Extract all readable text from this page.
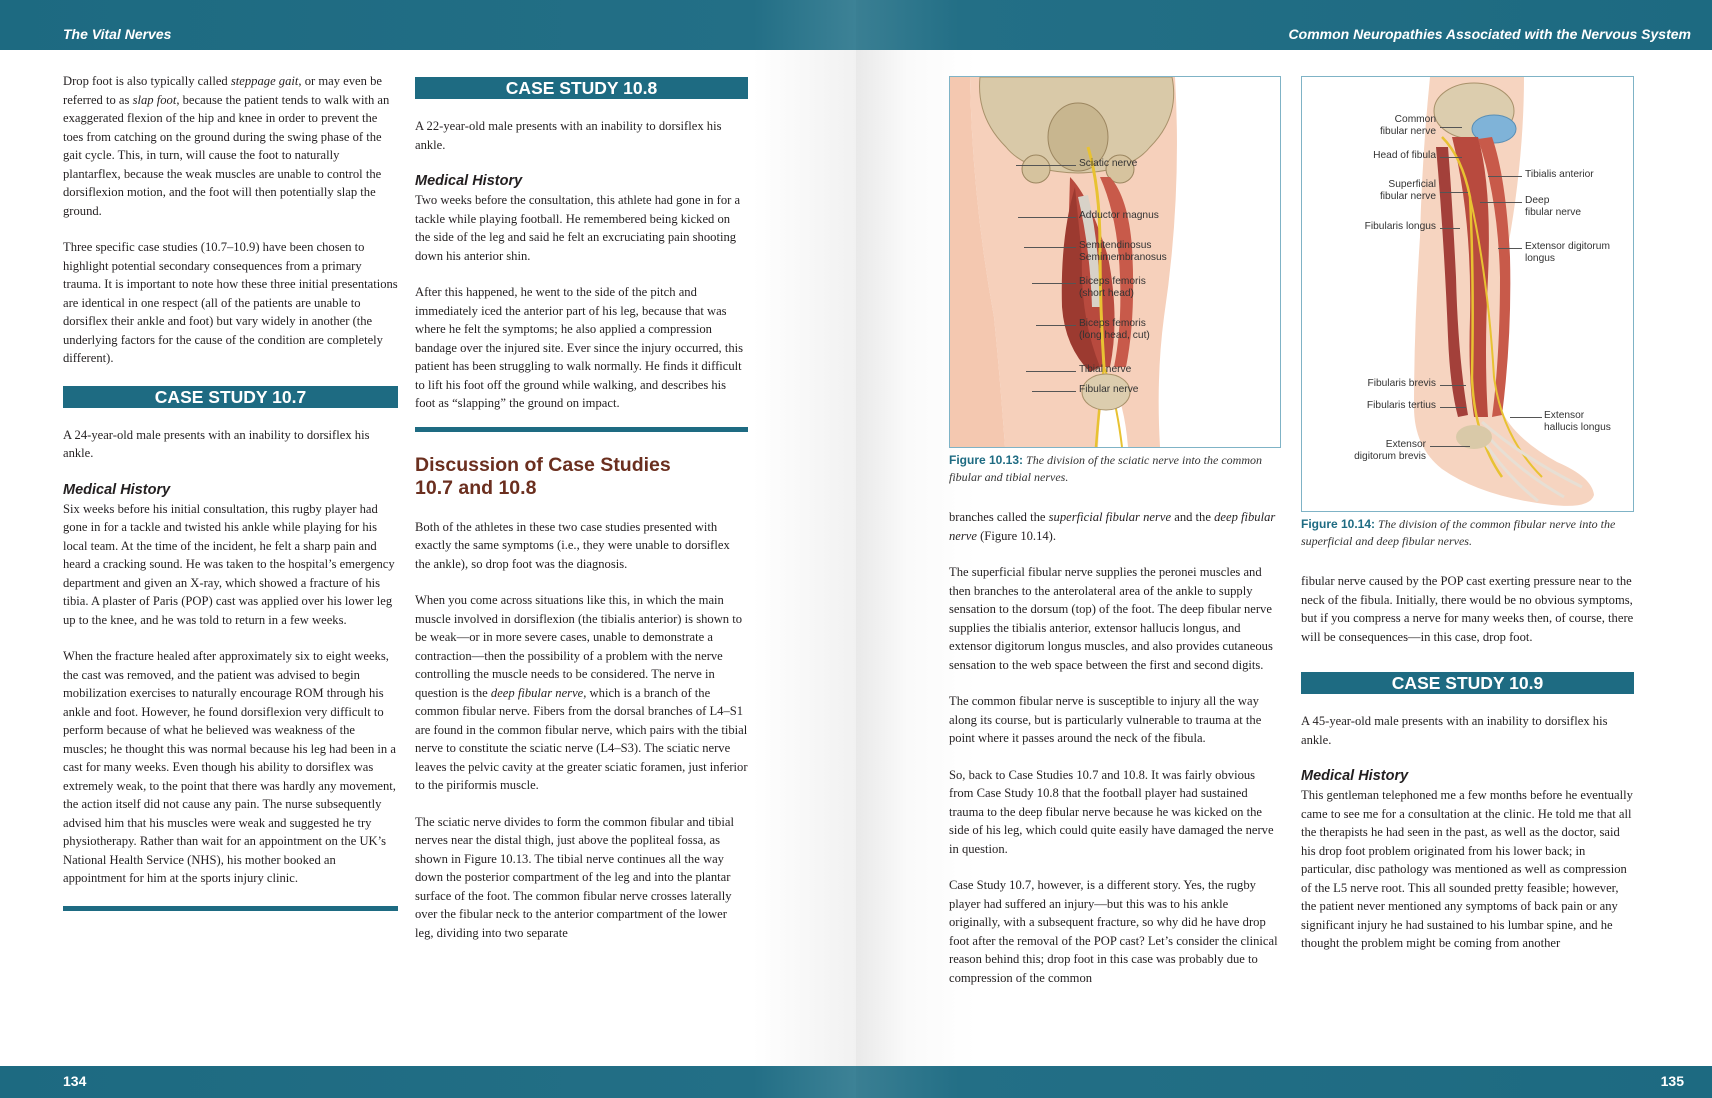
The Vital Nerves

Drop foot is also typically called steppage gait, or may even be referred to as slap foot, because the patient tends to walk with an exaggerated flexion of the hip and knee in order to prevent the toes from catching on the ground during the swing phase of the gait cycle. This, in turn, will cause the foot to naturally plantarflex, because the weak muscles are unable to control the dorsiflexion motion, and the foot will then potentially slap the ground.

Three specific case studies (10.7–10.9) have been chosen to highlight potential secondary consequences from a primary trauma. It is important to note how these three initial presentations are identical in one respect (all of the patients are unable to dorsiflex their ankle and foot) but vary widely in another (the underlying factors for the cause of the condition are completely different).

CASE STUDY 10.7

A 24-year-old male presents with an inability to dorsiflex his ankle.

Medical History

Six weeks before his initial consultation, this rugby player had gone in for a tackle and twisted his ankle while playing for his local team. At the time of the incident, he felt a sharp pain and heard a cracking sound. He was taken to the hospital’s emergency department and given an X-ray, which showed a fracture of his tibia. A plaster of Paris (POP) cast was applied over his lower leg up to the knee, and he was told to return in a few weeks.

When the fracture healed after approximately six to eight weeks, the cast was removed, and the patient was advised to begin mobilization exercises to naturally encourage ROM through his ankle and foot. However, he found dorsiflexion very difficult to perform because of what he believed was weakness of the muscles; he thought this was normal because his leg had been in a cast for many weeks. Even though his ability to dorsiflex was extremely weak, to the point that there was hardly any movement, the action itself did not cause any pain. The nurse subsequently advised him that his muscles were weak and suggested he try physiotherapy. Rather than wait for an appointment on the UK’s National Health Service (NHS), his mother booked an appointment for him at the sports injury clinic.

CASE STUDY 10.8

A 22-year-old male presents with an inability to dorsiflex his ankle.

Medical History

Two weeks before the consultation, this athlete had gone in for a tackle while playing football. He remembered being kicked on the side of the leg and said he felt an excruciating pain shooting down his anterior shin.

After this happened, he went to the side of the pitch and immediately iced the anterior part of his leg, because that was where he felt the symptoms; he also applied a compression bandage over the injured site. Ever since the injury occurred, this patient has been struggling to walk normally. He finds it difficult to lift his foot off the ground while walking, and describes his foot as “slapping” the ground on impact.

Discussion of Case Studies 10.7 and 10.8

Both of the athletes in these two case studies presented with exactly the same symptoms (i.e., they were unable to dorsiflex the ankle), so drop foot was the diagnosis.

When you come across situations like this, in which the main muscle involved in dorsiflexion (the tibialis anterior) is shown to be weak—or in more severe cases, unable to demonstrate a contraction—then the possibility of a problem with the nerve controlling the muscle needs to be considered. The nerve in question is the deep fibular nerve, which is a branch of the common fibular nerve. Fibers from the dorsal branches of L4–S1 are found in the common fibular nerve, which pairs with the tibial nerve to constitute the sciatic nerve (L4–S3). The sciatic nerve leaves the pelvic cavity at the greater sciatic foramen, just inferior to the piriformis muscle.

The sciatic nerve divides to form the common fibular and tibial nerves near the distal thigh, just above the popliteal fossa, as shown in Figure 10.13. The tibial nerve continues all the way down the posterior compartment of the leg and into the plantar surface of the foot. The common fibular nerve crosses laterally over the fibular neck to the anterior compartment of the lower leg, dividing into two separate

134
Common Neuropathies Associated with the Nervous System
Sciatic nerve
Adductor magnus
Semitendinosus
Semimembranosus
Biceps femoris
(short head)
Biceps femoris
(long head, cut)
Tibial nerve
Fibular nerve
Figure 10.13: The division of the sciatic nerve into the common fibular and tibial nerves.
Common
fibular nerve
Head of fibula
Superficial
fibular nerve
Fibularis longus
Tibialis anterior
Deep
fibular nerve
Extensor digitorum
longus
Fibularis brevis
Fibularis tertius
Extensor
hallucis longus
Extensor
digitorum brevis
Figure 10.14: The division of the common fibular nerve into the superficial and deep fibular nerves.

branches called the superficial fibular nerve and the deep fibular nerve (Figure 10.14).

The superficial fibular nerve supplies the peronei muscles and then branches to the anterolateral area of the ankle to supply sensation to the dorsum (top) of the foot. The deep fibular nerve supplies the tibialis anterior, extensor hallucis longus, and extensor digitorum longus muscles, and also provides cutaneous sensation to the web space between the first and second digits.

The common fibular nerve is susceptible to injury all the way along its course, but is particularly vulnerable to trauma at the point where it passes around the neck of the fibula.

So, back to Case Studies 10.7 and 10.8. It was fairly obvious from Case Study 10.8 that the football player had sustained trauma to the deep fibular nerve because he was kicked on the side of his leg, which could quite easily have damaged the nerve in question.

Case Study 10.7, however, is a different story. Yes, the rugby player had suffered an injury—but this was to his ankle originally, with a subsequent fracture, so why did he have drop foot after the removal of the POP cast? Let’s consider the clinical reason behind this; drop foot in this case was probably due to compression of the common

fibular nerve caused by the POP cast exerting pressure near to the neck of the fibula. Initially, there would be no obvious symptoms, but if you compress a nerve for many weeks then, of course, there will be consequences—in this case, drop foot.

CASE STUDY 10.9

A 45-year-old male presents with an inability to dorsiflex his ankle.

Medical History

This gentleman telephoned me a few months before he eventually came to see me for a consultation at the clinic. He told me that all the therapists he had seen in the past, as well as the doctor, said his drop foot problem originated from his lower back; in particular, disc pathology was mentioned as well as compression of the L5 nerve root. This all sounded pretty feasible; however, the patient never mentioned any symptoms of back pain or any significant injury he had sustained to his lumbar spine, and he thought the problem might be coming from another

135
